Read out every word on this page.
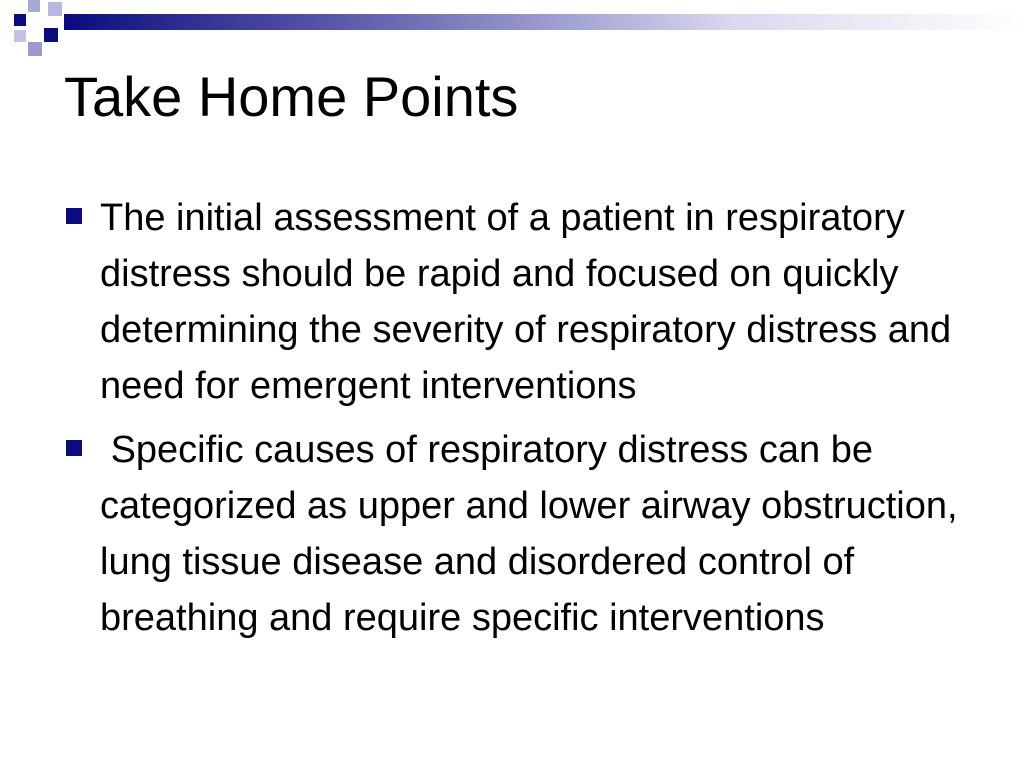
Take Home Points
The initial assessment of a patient in respiratory distress should be rapid and focused on quickly determining the severity of respiratory distress and need for emergent interventions
Specific causes of respiratory distress can be categorized as upper and lower airway obstruction, lung tissue disease and disordered control of breathing and require specific interventions
